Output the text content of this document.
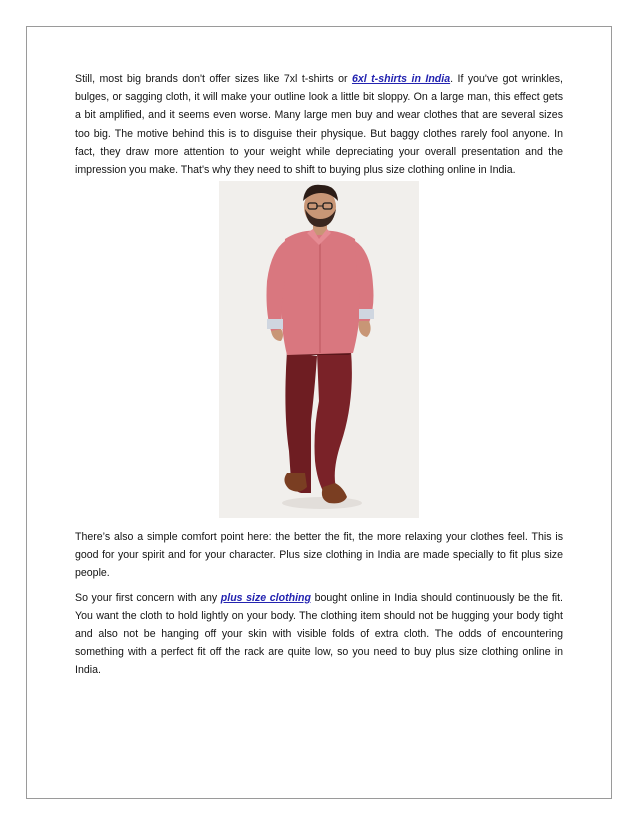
Still, most big brands don't offer sizes like 7xl t-shirts or 6xl t-shirts in India. If you've got wrinkles, bulges, or sagging cloth, it will make your outline look a little bit sloppy. On a large man, this effect gets a bit amplified, and it seems even worse. Many large men buy and wear clothes that are several sizes too big. The motive behind this is to disguise their physique. But baggy clothes rarely fool anyone. In fact, they draw more attention to your weight while depreciating your overall presentation and the impression you make. That's why they need to shift to buying plus size clothing online in India.

There’s also a simple comfort point here: the better the fit, the more relaxing your clothes feel. This is good for your spirit and for your character. Plus size clothing in India are made specially to fit plus size people.

So your first concern with any plus size clothing bought online in India should continuously be the fit. You want the cloth to hold lightly on your body. The clothing item should not be hugging your body tight and also not be hanging off your skin with visible folds of extra cloth. The odds of encountering something with a perfect fit off the rack are quite low, so you need to buy plus size clothing online in India.
